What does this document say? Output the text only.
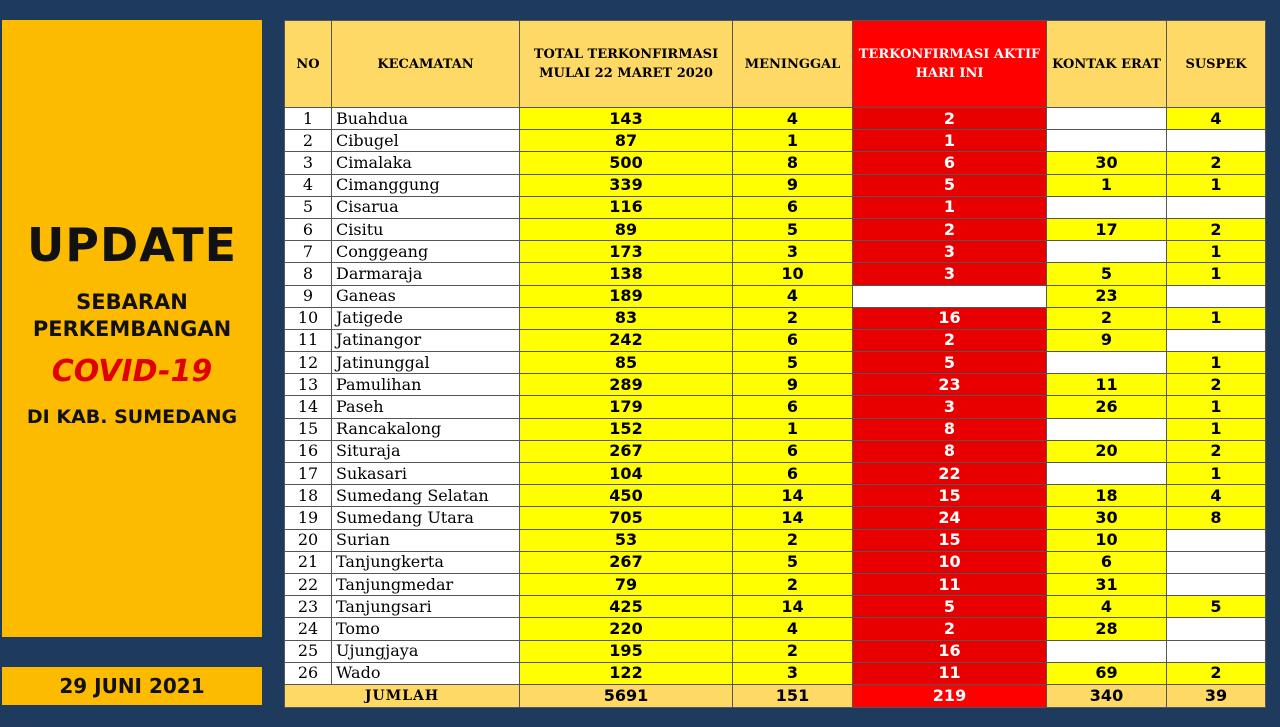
UPDATE
SEBARAN
PERKEMBANGAN
COVID-19
DI KAB. SUMEDANG
29 JUNI 2021
NO	KECAMATAN	TOTAL TERKONFIRMASI MULAI 22 MARET 2020	MENINGGAL	TERKONFIRMASI AKTIF HARI INI	KONTAK ERAT	SUSPEK
1	Buahdua	143	4	2		4
2	Cibugel	87	1	1		
3	Cimalaka	500	8	6	30	2
4	Cimanggung	339	9	5	1	1
5	Cisarua	116	6	1		
6	Cisitu	89	5	2	17	2
7	Conggeang	173	3	3		1
8	Darmaraja	138	10	3	5	1
9	Ganeas	189	4		23	
10	Jatigede	83	2	16	2	1
11	Jatinangor	242	6	2	9	
12	Jatinunggal	85	5	5		1
13	Pamulihan	289	9	23	11	2
14	Paseh	179	6	3	26	1
15	Rancakalong	152	1	8		1
16	Situraja	267	6	8	20	2
17	Sukasari	104	6	22		1
18	Sumedang Selatan	450	14	15	18	4
19	Sumedang Utara	705	14	24	30	8
20	Surian	53	2	15	10	
21	Tanjungkerta	267	5	10	6	
22	Tanjungmedar	79	2	11	31	
23	Tanjungsari	425	14	5	4	5
24	Tomo	220	4	2	28	
25	Ujungjaya	195	2	16		
26	Wado	122	3	11	69	2
JUMLAH		5691	151	219	340	39
